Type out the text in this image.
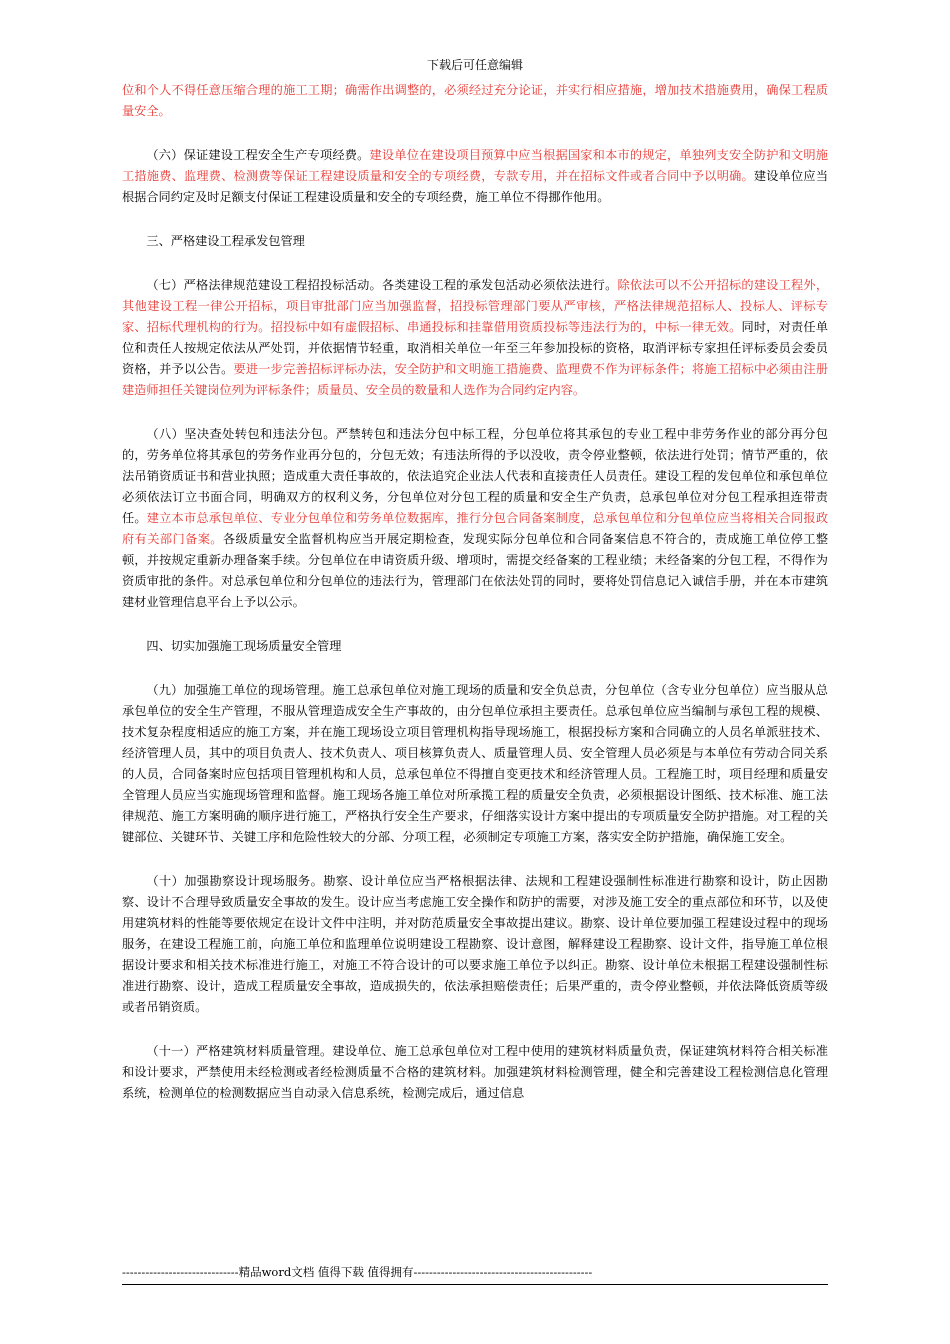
下载后可任意编辑

位和个人不得任意压缩合理的施工工期；确需作出调整的，必须经过充分论证，并实行相应措施，增加技术措施费用，确保工程质量安全。

（六）保证建设工程安全生产专项经费。建设单位在建设项目预算中应当根据国家和本市的规定，单独列支安全防护和文明施工措施费、监理费、检测费等保证工程建设质量和安全的专项经费，专款专用，并在招标文件或者合同中予以明确。建设单位应当根据合同约定及时足额支付保证工程建设质量和安全的专项经费，施工单位不得挪作他用。

三、严格建设工程承发包管理

（七）严格法律规范建设工程招投标活动。各类建设工程的承发包活动必须依法进行。除依法可以不公开招标的建设工程外，其他建设工程一律公开招标，项目审批部门应当加强监督，招投标管理部门要从严审核，严格法律规范招标人、投标人、评标专家、招标代理机构的行为。招投标中如有虚假招标、串通投标和挂靠借用资质投标等违法行为的，中标一律无效。同时，对责任单位和责任人按规定依法从严处罚，并依据情节轻重，取消相关单位一年至三年参加投标的资格，取消评标专家担任评标委员会委员资格，并予以公告。要进一步完善招标评标办法，安全防护和文明施工措施费、监理费不作为评标条件；将施工招标中必须由注册建造师担任关键岗位列为评标条件；质量员、安全员的数量和人选作为合同约定内容。

（八）坚决查处转包和违法分包。严禁转包和违法分包中标工程，分包单位将其承包的专业工程中非劳务作业的部分再分包的，劳务单位将其承包的劳务作业再分包的，分包无效；有违法所得的予以没收，责令停业整顿，依法进行处罚；情节严重的，依法吊销资质证书和营业执照；造成重大责任事故的，依法追究企业法人代表和直接责任人员责任。建设工程的发包单位和承包单位必须依法订立书面合同，明确双方的权利义务，分包单位对分包工程的质量和安全生产负责，总承包单位对分包工程承担连带责任。建立本市总承包单位、专业分包单位和劳务单位数据库，推行分包合同备案制度，总承包单位和分包单位应当将相关合同报政府有关部门备案。各级质量安全监督机构应当开展定期检查，发现实际分包单位和合同备案信息不符合的，责成施工单位停工整顿，并按规定重新办理备案手续。分包单位在申请资质升级、增项时，需提交经备案的工程业绩；未经备案的分包工程，不得作为资质审批的条件。对总承包单位和分包单位的违法行为，管理部门在依法处罚的同时，要将处罚信息记入诚信手册，并在本市建筑建材业管理信息平台上予以公示。

四、切实加强施工现场质量安全管理

（九）加强施工单位的现场管理。施工总承包单位对施工现场的质量和安全负总责，分包单位（含专业分包单位）应当服从总承包单位的安全生产管理，不服从管理造成安全生产事故的，由分包单位承担主要责任。总承包单位应当编制与承包工程的规模、技术复杂程度相适应的施工方案，并在施工现场设立项目管理机构指导现场施工，根据投标方案和合同确立的人员名单派驻技术、经济管理人员，其中的项目负责人、技术负责人、项目核算负责人、质量管理人员、安全管理人员必须是与本单位有劳动合同关系的人员，合同备案时应包括项目管理机构和人员，总承包单位不得擅自变更技术和经济管理人员。工程施工时，项目经理和质量安全管理人员应当实施现场管理和监督。施工现场各施工单位对所承揽工程的质量安全负责，必须根据设计图纸、技术标准、施工法律规范、施工方案明确的顺序进行施工，严格执行安全生产要求，仔细落实设计方案中提出的专项质量安全防护措施。对工程的关键部位、关键环节、关键工序和危险性较大的分部、分项工程，必须制定专项施工方案，落实安全防护措施，确保施工安全。

（十）加强勘察设计现场服务。勘察、设计单位应当严格根据法律、法规和工程建设强制性标准进行勘察和设计，防止因勘察、设计不合理导致质量安全事故的发生。设计应当考虑施工安全操作和防护的需要，对涉及施工安全的重点部位和环节，以及使用建筑材料的性能等要依规定在设计文件中注明，并对防范质量安全事故提出建议。勘察、设计单位要加强工程建设过程中的现场服务，在建设工程施工前，向施工单位和监理单位说明建设工程勘察、设计意图，解释建设工程勘察、设计文件，指导施工单位根据设计要求和相关技术标准进行施工，对施工不符合设计的可以要求施工单位予以纠正。勘察、设计单位未根据工程建设强制性标准进行勘察、设计，造成工程质量安全事故，造成损失的，依法承担赔偿责任；后果严重的，责令停业整顿，并依法降低资质等级或者吊销资质。

（十一）严格建筑材料质量管理。建设单位、施工总承包单位对工程中使用的建筑材料质量负责，保证建筑材料符合相关标准和设计要求，严禁使用未经检测或者经检测质量不合格的建筑材料。加强建筑材料检测管理，健全和完善建设工程检测信息化管理系统，检测单位的检测数据应当自动录入信息系统，检测完成后，通过信息

------------------------------精品word文档 值得下载 值得拥有----------------------------------------------
